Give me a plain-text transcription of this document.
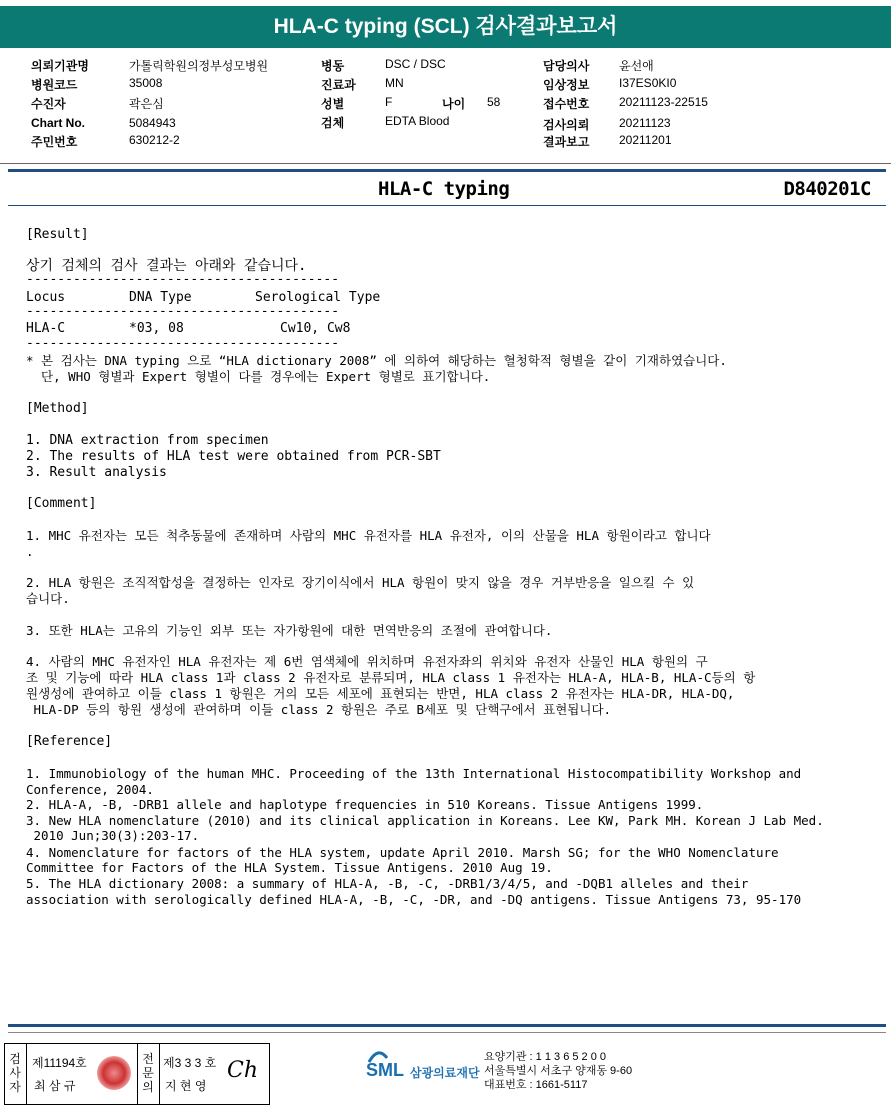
HLA-C typing (SCL) 검사결과보고서
의뢰기관명	가톨릭학원의정부성모병원
병원코드	35008
수진자	곽은심
Chart No.	5084943
주민번호	630212-2
병동	DSC / DSC
진료과 MN
성별	F	나이 58
검체	EDTA Blood
담당의사 윤선애
임상정보 I37ES0KI0
접수번호 20211123-22515
검사의뢰 20211123
결과보고 20211201
HLA-C typing	D840201C
[Result]
상기 검체의 검사 결과는 아래와 같습니다.
----------------------------------------
Locus	DNA Type	Serological Type
----------------------------------------
HLA-C	*03, 08	Cw10, Cw8
----------------------------------------
* 본 검사는 DNA typing 으로 “HLA dictionary 2008” 에 의하여 해당하는 혈청학적 형별을 같이 기재하였습니다.
단, WHO 형별과 Expert 형별이 다를 경우에는 Expert 형별로 표기합니다.
[Method]
1. DNA extraction from specimen
2. The results of HLA test were obtained from PCR-SBT
3. Result analysis
[Comment]
1. MHC 유전자는 모든 척추동물에 존재하며 사람의 MHC 유전자를 HLA 유전자, 이의 산물을 HLA 항원이라고 합니다
.
2. HLA 항원은 조직적합성을 결정하는 인자로 장기이식에서 HLA 항원이 맞지 않을 경우 거부반응을 일으킬 수 있
습니다.
3. 또한 HLA는 고유의 기능인 외부 또는 자가항원에 대한 면역반응의 조절에 관여합니다.
4. 사람의 MHC 유전자인 HLA 유전자는 제 6번 염색체에 위치하며 유전자좌의 위치와 유전자 산물인 HLA 항원의 구
조 및 기능에 따라 HLA class 1과 class 2 유전자로 분류되며, HLA class 1 유전자는 HLA-A, HLA-B, HLA-C등의 항
원생성에 관여하고 이들 class 1 항원은 거의 모든 세포에 표현되는 반면, HLA class 2 유전자는 HLA-DR, HLA-DQ,
HLA-DP 등의 항원 생성에 관여하며 이들 class 2 항원은 주로 B세포 및 단핵구에서 표현됩니다.
[Reference]
1. Immunobiology of the human MHC. Proceeding of the 13th International Histocompatibility Workshop and
Conference, 2004.
2. HLA-A, -B, -DRB1 allele and haplotype frequencies in 510 Koreans. Tissue Antigens 1999.
3. New HLA nomenclature (2010) and its clinical application in Koreans. Lee KW, Park MH. Korean J Lab Med.
2010 Jun;30(3):203-17.
4. Nomenclature for factors of the HLA system, update April 2010. Marsh SG; for the WHO Nomenclature
Committee for Factors of the HLA System. Tissue Antigens. 2010 Aug 19.
5. The HLA dictionary 2008: a summary of HLA-A, -B, -C, -DRB1/3/4/5, and -DQB1 alleles and their
association with serologically defined HLA-A, -B, -C, -DR, and -DQ antigens. Tissue Antigens 73, 95-170
검
사
자
제11194호
최 삼 규
전
문
의
제3 3 3 호
지 현 영
Ch	SML 삼광의료재단
요양기관 : 1 1 3 6 5 2 0 0
서울특별시 서초구 양재동 9-60
대표번호 : 1661-5117
